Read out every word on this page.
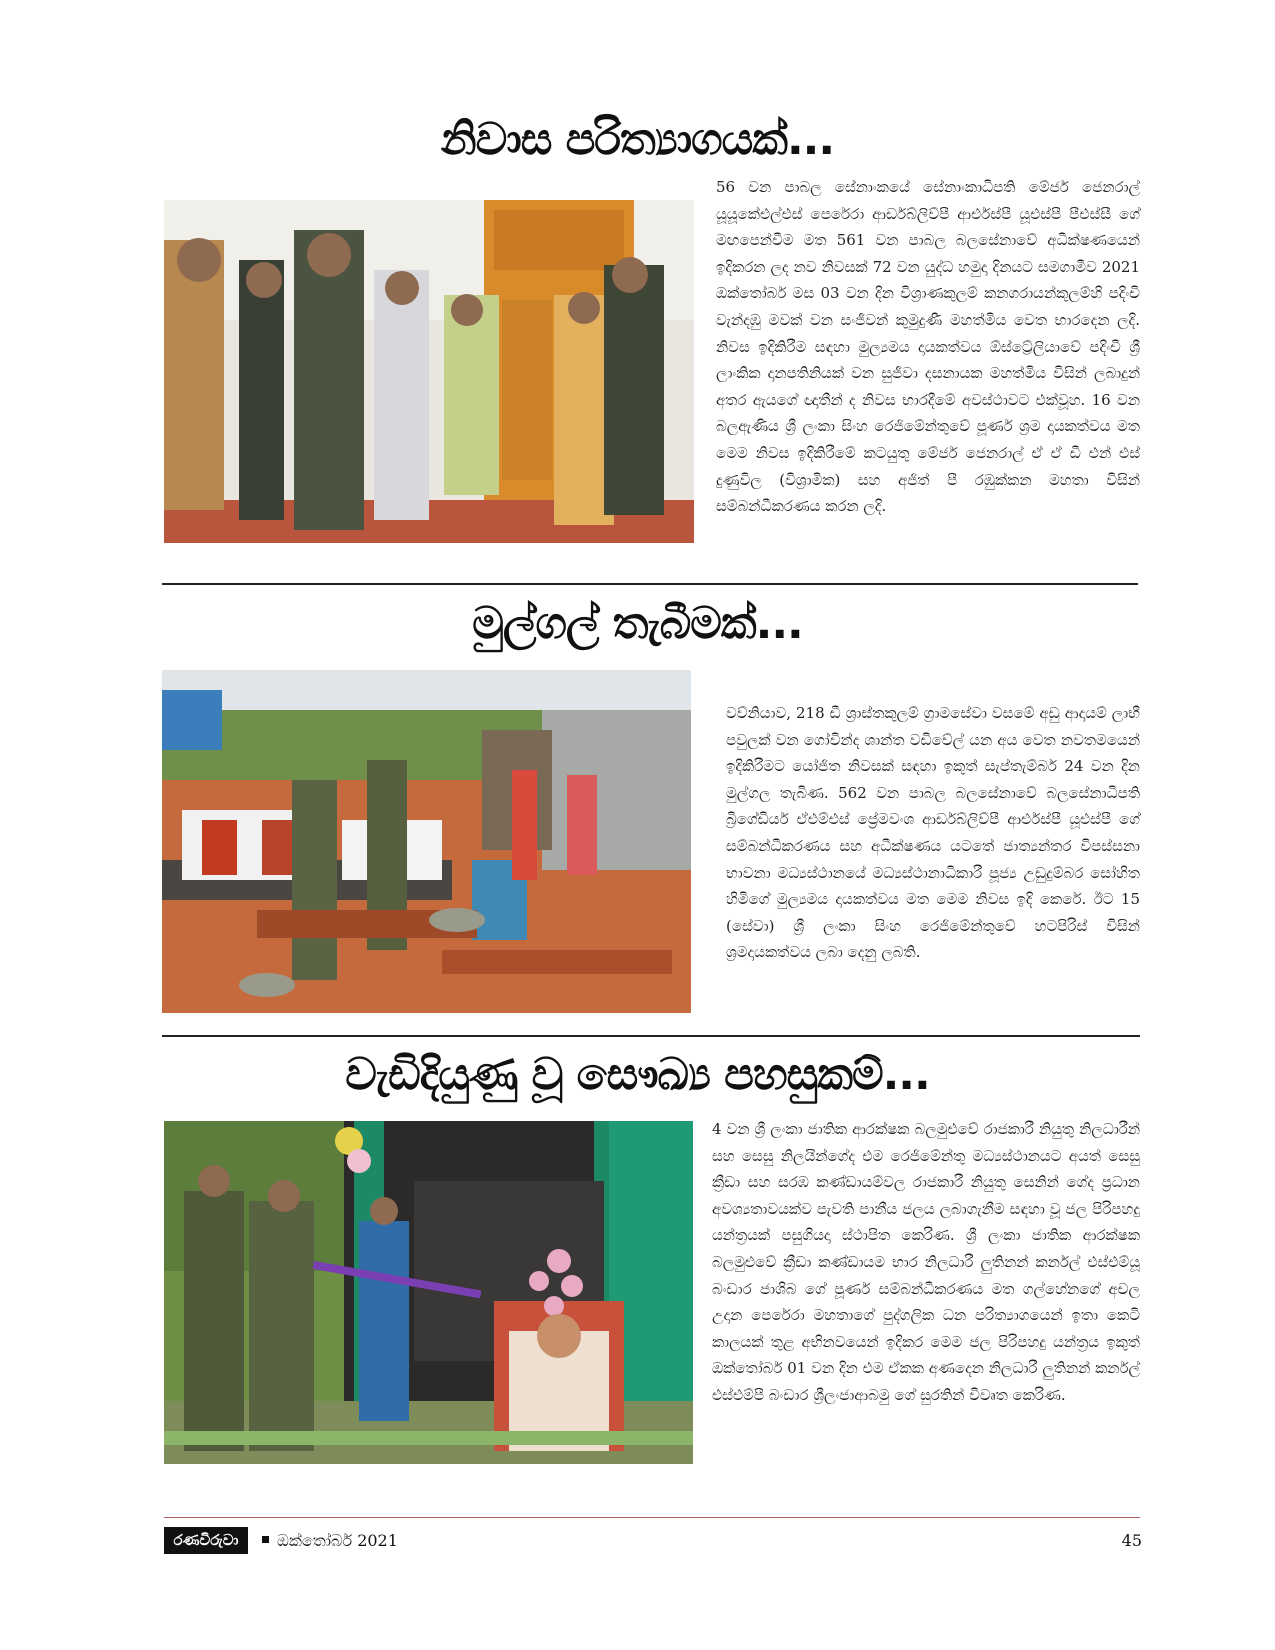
නිවාස පරිත්‍යාගයක්...

56 වන පාබල සේනාංකයේ සේනාංකාධිපති මේජර් ජෙනරාල් යූයූකේඑල්එස් පෙරේරා ආර්ඩබ්ලිව්පී ආර්එස්පී යූඑස්පී පීඑස්සී ගේ මඟපෙන්වීම මත 561 වන පාබල බලසේනාවේ අධීක්ෂණයෙන් ඉදිකරන ලද නව නිවසක් 72 වන යුද්ධ හමුදා දිනයට සමගාමීව 2021 ඔක්තෝබර් මස 03 වන දින විශ්‍රාණකුලම් කනගරායන්කුලම්හි පදිංචි වැන්දඹු මවක් වන සංජීවන් කුමුදුණී මහත්මිය වෙත භාරදෙන ලදි. නිවස ඉදිකිරීම සඳහා මුල්‍යමය දායකත්වය ඕස්ට්‍රේලියාවේ පදිංචි ශ්‍රී ලාංකික දානපතිනියක් වන සුජීවා දසනායක මහත්මිය විසින් ලබාදුන් අතර ඇයගේ ඥාතීන් ද නිවස භාරදීමේ අවස්ථාවට එක්වූහ. 16 වන බලඇණිය ශ්‍රී ලංකා සිංහ රෙජිමේන්තුවේ පූර්ණ ශ්‍රම දායකත්වය මත මෙම නිවස ඉදිකිරීමේ කටයුතු මේජර් ජෙනරාල් ඒ ඒ ඩී එන් එස් දුණුවිල (විශ්‍රාමික) සහ අජිත් පී රඹුක්කන මහතා විසින් සම්බන්ධීකරණය කරන ලදි.

මුල්ගල් තැබීමක්...

වව්නියාව, 218 ඩී ශ්‍රාස්තකුලම් ග්‍රාමසේවා වසමේ අඩු ආදායම් ලාභී පවුලක් වන ගෝවින්ද ශාන්ත වඩිවේල් යන අය වෙත නවතමයෙන් ඉදිකිරීමට යෝජිත නිවසක් සඳහා ඉකුත් සැප්තැම්බර් 24 වන දින මුල්ගල තැබිණ. 562 වන පාබල බලසේනාවේ බලසේනාධිපති බ්‍රිගේඩියර් ඒඑම්එස් ප්‍රේමවංශ ආර්ඩබ්ලිව්පී ආර්එස්පී යූඑස්පී ගේ සම්බන්ධීකරණය සහ අධීක්ෂණය යටතේ ජාත්‍යන්තර විපස්සනා භාවනා මධ්‍යස්ථානයේ මධ්‍යස්ථානාධිකාරී පූජ්‍ය උඩුදුම්බර සෝහිත හිමිගේ මුල්‍යමය දායකත්වය මත මෙම නිවස ඉදි කෙරේ. ඊට 15 (සේවා) ශ්‍රී ලංකා සිංහ රෙජිමේන්තුවේ හටපිරිස් විසින් ශ්‍රමදායකත්වය ලබා දෙනු ලබති.

වැඩිදියුණු වූ සෞඛ්‍ය පහසුකම්...

4 වන ශ්‍රී ලංකා ජාතික ආරක්ෂක බලමුළුවේ රාජකාරී නියුතු නිලධාරීන් සහ සෙසු නිලයින්ගේද එම රෙජිමේන්තු මධ්‍යස්ථානයට අයත් සෙසු ක්‍රීඩා සහ සරඹ කණ්ඩායම්වල රාජකාරී නියුතු සෙනින් ගේද ප්‍රධාන අවශ්‍යතාවයක්ව පැවති පානීය ජලය ලබාගැනීම සඳහා වූ ජල පිරිපහදු යන්ත්‍රයක් පසුගියදා ස්ථාපිත කෙරිණ. ශ්‍රී ලංකා ජාතික ආරක්ෂක බලමුළුවේ ක්‍රීඩා කණ්ඩායම භාර නිලධාරී ලුතිනන් කර්නල් එස්එම්යූ බංඩාර ජාශිබ ගේ පූර්ණ සම්බන්ධීකරණය මත ගල්හේනගේ අචල උදාන පෙරේරා මහතාගේ පුද්ගලික ධන පරිත්‍යාගයෙන් ඉතා කෙටි කාලයක් තුළ අභිනවයෙන් ඉදිකර මෙම ජල පිරිපහදු යන්ත්‍රය ඉකුත් ඔක්තෝබර් 01 වන දින එම ඒකක අණදෙන නිලධාරී ලුතිනන් කර්නල් එස්එම්පී බංඩාර ශ්‍රීලංජාආබමු ගේ සුරතින් විවෘත කෙරිණ.

රණවිරුවා	ඔක්තෝබර් 2021	45
